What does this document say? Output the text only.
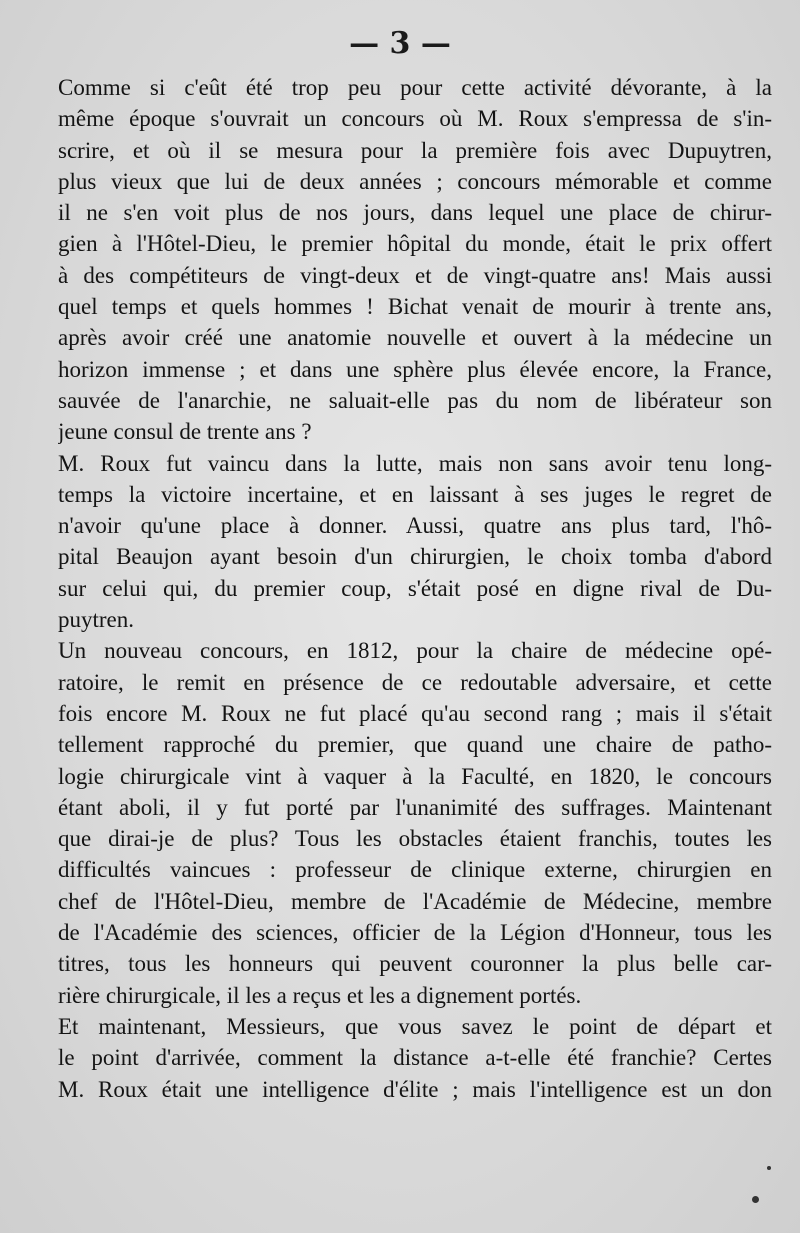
— 3 —
Comme si c'eût été trop peu pour cette activité dévorante, à la
même époque s'ouvrait un concours où M. Roux s'empressa de s'in-
scrire, et où il se mesura pour la première fois avec Dupuytren,
plus vieux que lui de deux années ; concours mémorable et comme
il ne s'en voit plus de nos jours, dans lequel une place de chirur-
gien à l'Hôtel-Dieu, le premier hôpital du monde, était le prix offert
à des compétiteurs de vingt-deux et de vingt-quatre ans! Mais aussi
quel temps et quels hommes ! Bichat venait de mourir à trente ans,
après avoir créé une anatomie nouvelle et ouvert à la médecine un
horizon immense ; et dans une sphère plus élevée encore, la France,
sauvée de l'anarchie, ne saluait-elle pas du nom de libérateur son
jeune consul de trente ans ?
M. Roux fut vaincu dans la lutte, mais non sans avoir tenu long-
temps la victoire incertaine, et en laissant à ses juges le regret de
n'avoir qu'une place à donner. Aussi, quatre ans plus tard, l'hô-
pital Beaujon ayant besoin d'un chirurgien, le choix tomba d'abord
sur celui qui, du premier coup, s'était posé en digne rival de Du-
puytren.
Un nouveau concours, en 1812, pour la chaire de médecine opé-
ratoire, le remit en présence de ce redoutable adversaire, et cette
fois encore M. Roux ne fut placé qu'au second rang ; mais il s'était
tellement rapproché du premier, que quand une chaire de patho-
logie chirurgicale vint à vaquer à la Faculté, en 1820, le concours
étant aboli, il y fut porté par l'unanimité des suffrages. Maintenant
que dirai-je de plus? Tous les obstacles étaient franchis, toutes les
difficultés vaincues : professeur de clinique externe, chirurgien en
chef de l'Hôtel-Dieu, membre de l'Académie de Médecine, membre
de l'Académie des sciences, officier de la Légion d'Honneur, tous les
titres, tous les honneurs qui peuvent couronner la plus belle car-
rière chirurgicale, il les a reçus et les a dignement portés.
Et maintenant, Messieurs, que vous savez le point de départ et
le point d'arrivée, comment la distance a-t-elle été franchie? Certes
M. Roux était une intelligence d'élite ; mais l'intelligence est un don
